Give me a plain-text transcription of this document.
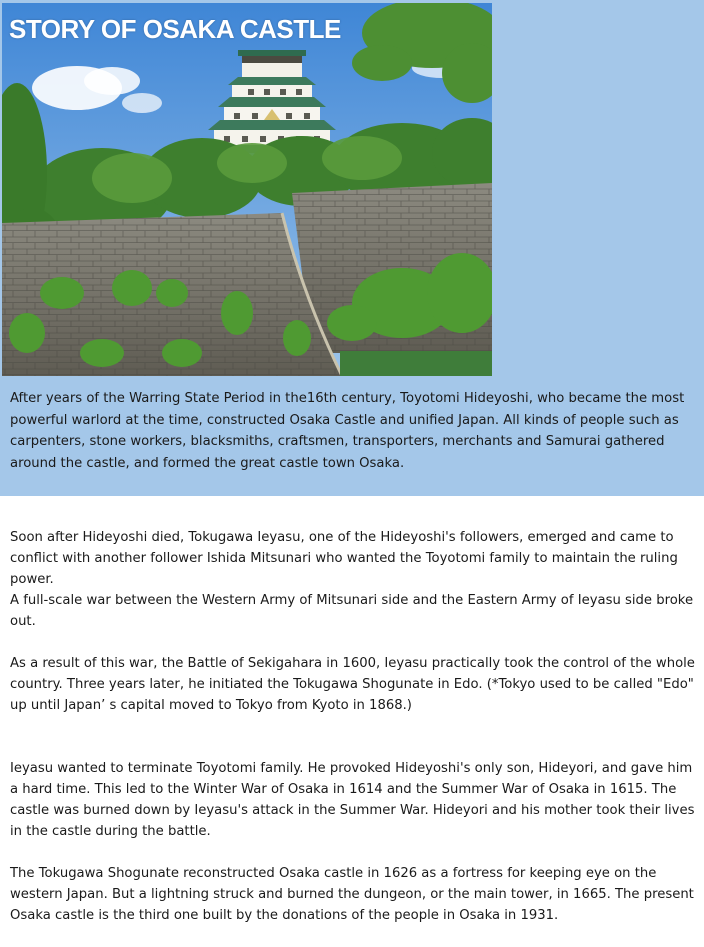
STORY OF OSAKA CASTLE

After years of the Warring State Period in the16th century, Toyotomi Hideyoshi, who became the most powerful warlord at the time, constructed Osaka Castle and unified Japan. All kinds of people such as carpenters, stone workers, blacksmiths, craftsmen, transporters, merchants and Samurai gathered around the castle, and formed the great castle town Osaka.

Soon after Hideyoshi died, Tokugawa Ieyasu, one of the Hideyoshi's followers, emerged and came to conflict with another follower Ishida Mitsunari who wanted the Toyotomi family to maintain the ruling power.

A full-scale war between the Western Army of Mitsunari side and the Eastern Army of Ieyasu side broke out.

As a result of this war, the Battle of Sekigahara in 1600, Ieyasu practically took the control of the whole country. Three years later, he initiated the Tokugawa Shogunate in Edo. (*Tokyo used to be called "Edo" up until Japan’ s capital moved to Tokyo from Kyoto in 1868.)

Ieyasu wanted to terminate Toyotomi family. He provoked Hideyoshi's only son, Hideyori, and gave him a hard time. This led to the Winter War of Osaka in 1614 and the Summer War of Osaka in 1615. The castle was burned down by Ieyasu's attack in the Summer War. Hideyori and his mother took their lives in the castle during the battle.

The Tokugawa Shogunate reconstructed Osaka castle in 1626 as a fortress for keeping eye on the western Japan. But a lightning struck and burned the dungeon, or the main tower, in 1665. The present Osaka castle is the third one built by the donations of the people in Osaka in 1931.
